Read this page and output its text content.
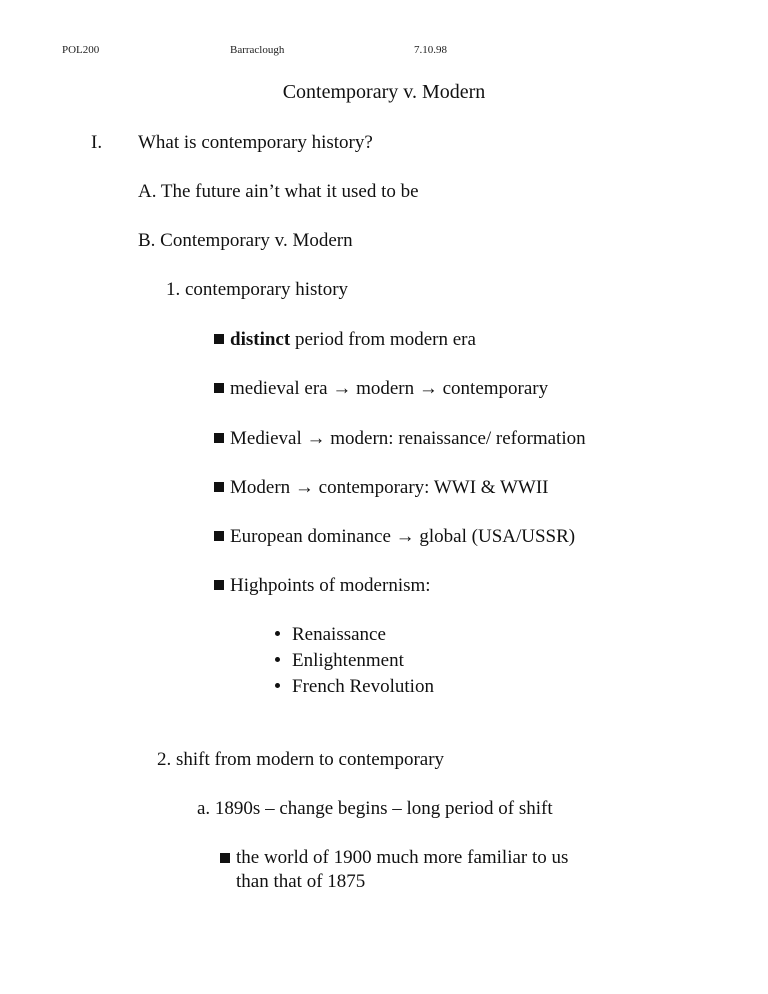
POL200	Barraclough	7.10.98
Contemporary v. Modern
I. What is contemporary history?
A. The future ain’t what it used to be
B. Contemporary v. Modern
1. contemporary history
distinct period from modern era
medieval era → modern → contemporary
Medieval → modern: renaissance/ reformation
Modern → contemporary: WWI & WWII
European dominance → global (USA/USSR)
Highpoints of modernism:
Renaissance
Enlightenment
French Revolution
2. shift from modern to contemporary
a. 1890s – change begins – long period of shift
the world of 1900 much more familiar to us than that of 1875
